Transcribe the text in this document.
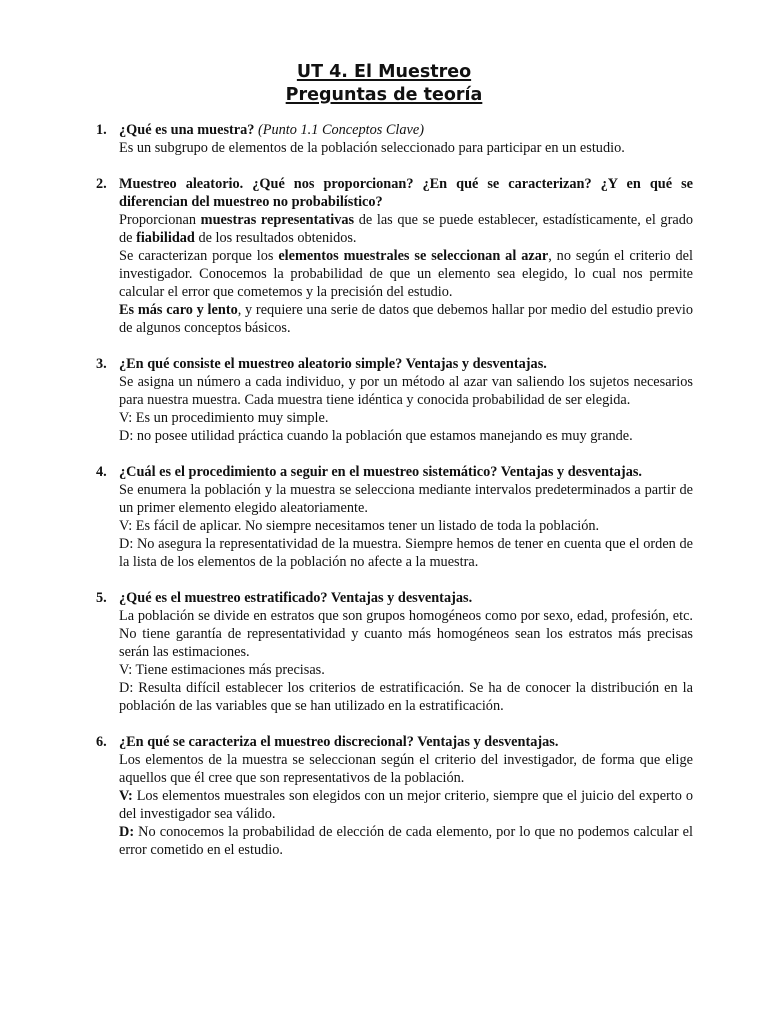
UT 4. El Muestreo
Preguntas de teoría
1. ¿Qué es una muestra? (Punto 1.1 Conceptos Clave)

Es un subgrupo de elementos de la población seleccionado para participar en un estudio.

2. Muestreo aleatorio. ¿Qué nos proporcionan? ¿En qué se caracterizan? ¿Y en qué se diferencian del muestreo no probabilístico?

Proporcionan muestras representativas de las que se puede establecer, estadísticamente, el grado de fiabilidad de los resultados obtenidos.

Se caracterizan porque los elementos muestrales se seleccionan al azar, no según el criterio del investigador. Conocemos la probabilidad de que un elemento sea elegido, lo cual nos permite calcular el error que cometemos y la precisión del estudio.

Es más caro y lento, y requiere una serie de datos que debemos hallar por medio del estudio previo de algunos conceptos básicos.

3. ¿En qué consiste el muestreo aleatorio simple? Ventajas y desventajas.

Se asigna un número a cada individuo, y por un método al azar van saliendo los sujetos necesarios para nuestra muestra. Cada muestra tiene idéntica y conocida probabilidad de ser elegida.

V: Es un procedimiento muy simple.

D: no posee utilidad práctica cuando la población que estamos manejando es muy grande.

4. ¿Cuál es el procedimiento a seguir en el muestreo sistemático? Ventajas y desventajas.

Se enumera la población y la muestra se selecciona mediante intervalos predeterminados a partir de un primer elemento elegido aleatoriamente.

V: Es fácil de aplicar. No siempre necesitamos tener un listado de toda la población.

D: No asegura la representatividad de la muestra. Siempre hemos de tener en cuenta que el orden de la lista de los elementos de la población no afecte a la muestra.

5. ¿Qué es el muestreo estratificado? Ventajas y desventajas.

La población se divide en estratos que son grupos homogéneos como por sexo, edad, profesión, etc. No tiene garantía de representatividad y cuanto más homogéneos sean los estratos más precisas serán las estimaciones.

V: Tiene estimaciones más precisas.

D: Resulta difícil establecer los criterios de estratificación. Se ha de conocer la distribución en la población de las variables que se han utilizado en la estratificación.

6. ¿En qué se caracteriza el muestreo discrecional? Ventajas y desventajas.

Los elementos de la muestra se seleccionan según el criterio del investigador, de forma que elige aquellos que él cree que son representativos de la población.

V: Los elementos muestrales son elegidos con un mejor criterio, siempre que el juicio del experto o del investigador sea válido.

D: No conocemos la probabilidad de elección de cada elemento, por lo que no podemos calcular el error cometido en el estudio.
